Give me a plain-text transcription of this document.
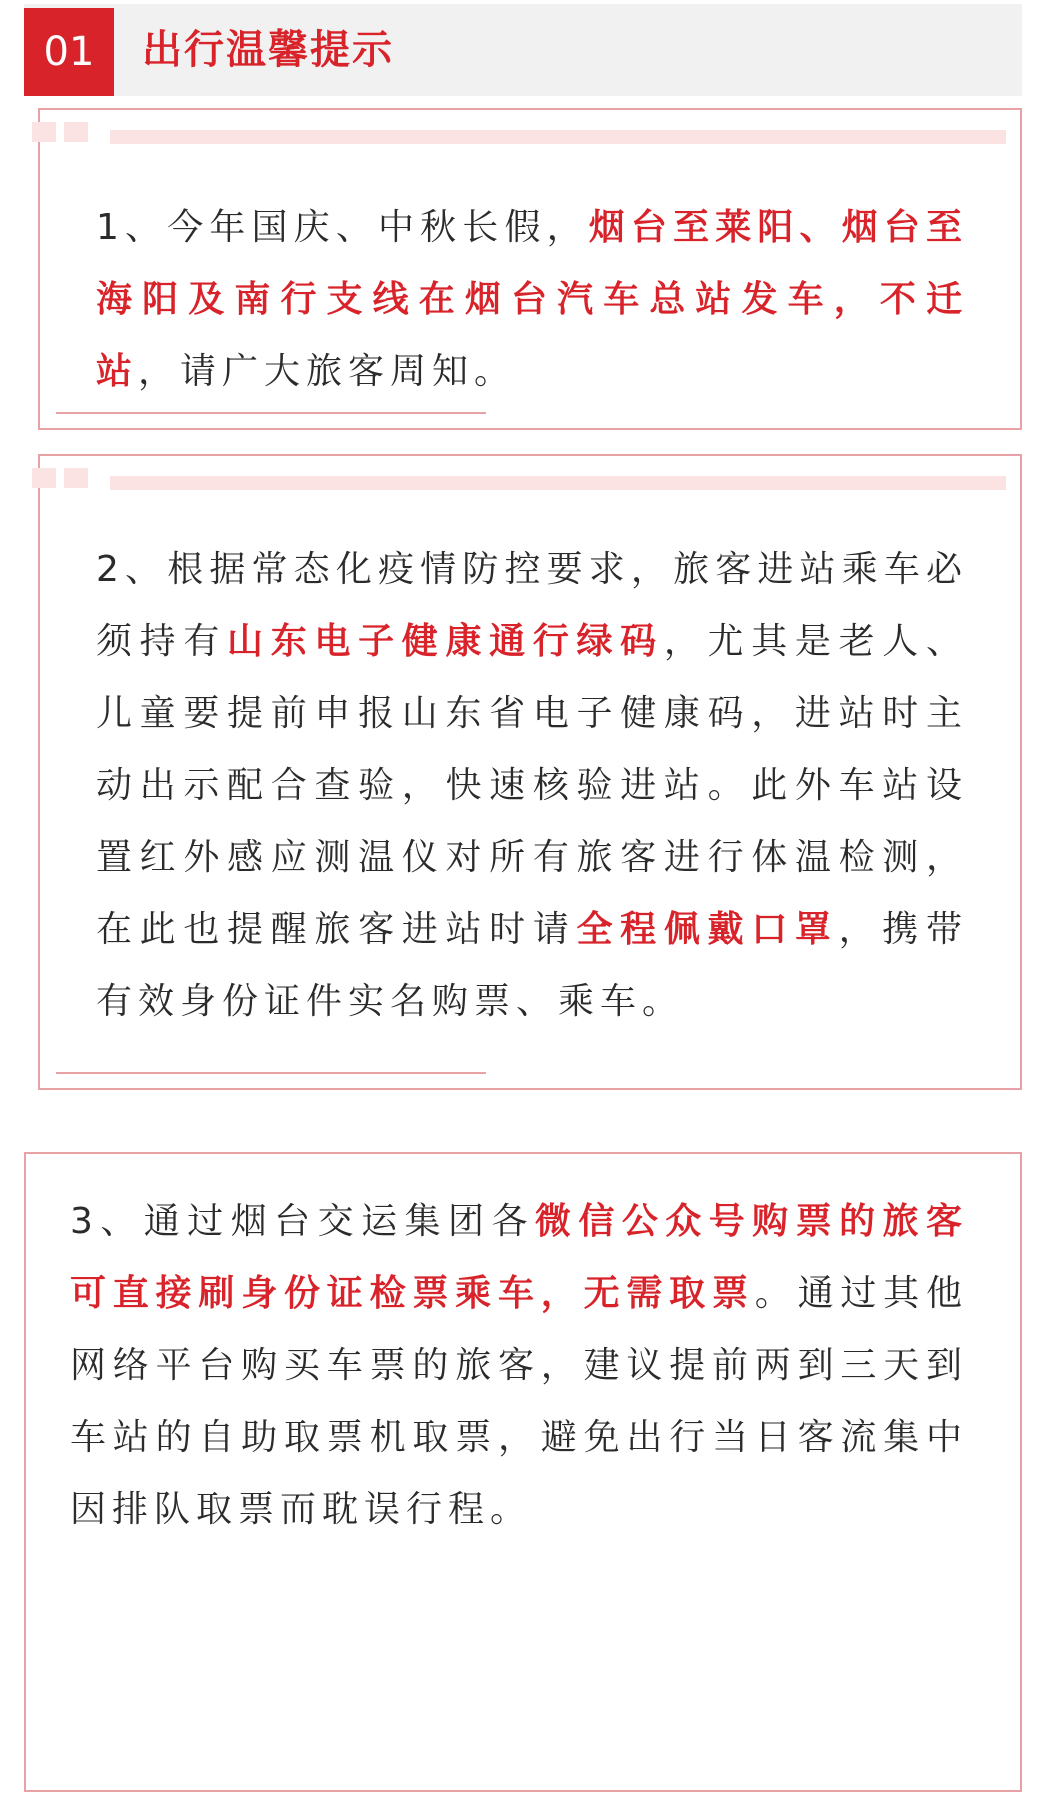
01	出行温馨提示
1、今年国庆、中秋长假，烟台至莱阳、烟台至海阳及南行支线在烟台汽车总站发车，不迁站，请广大旅客周知。
2、根据常态化疫情防控要求，旅客进站乘车必须持有山东电子健康通行绿码，尤其是老人、儿童要提前申报山东省电子健康码，进站时主动出示配合查验，快速核验进站。此外车站设置红外感应测温仪对所有旅客进行体温检测，在此也提醒旅客进站时请全程佩戴口罩，携带有效身份证件实名购票、乘车。
3、通过烟台交运集团各微信公众号购票的旅客可直接刷身份证检票乘车，无需取票。通过其他网络平台购买车票的旅客，建议提前两到三天到车站的自助取票机取票，避免出行当日客流集中因排队取票而耽误行程。
